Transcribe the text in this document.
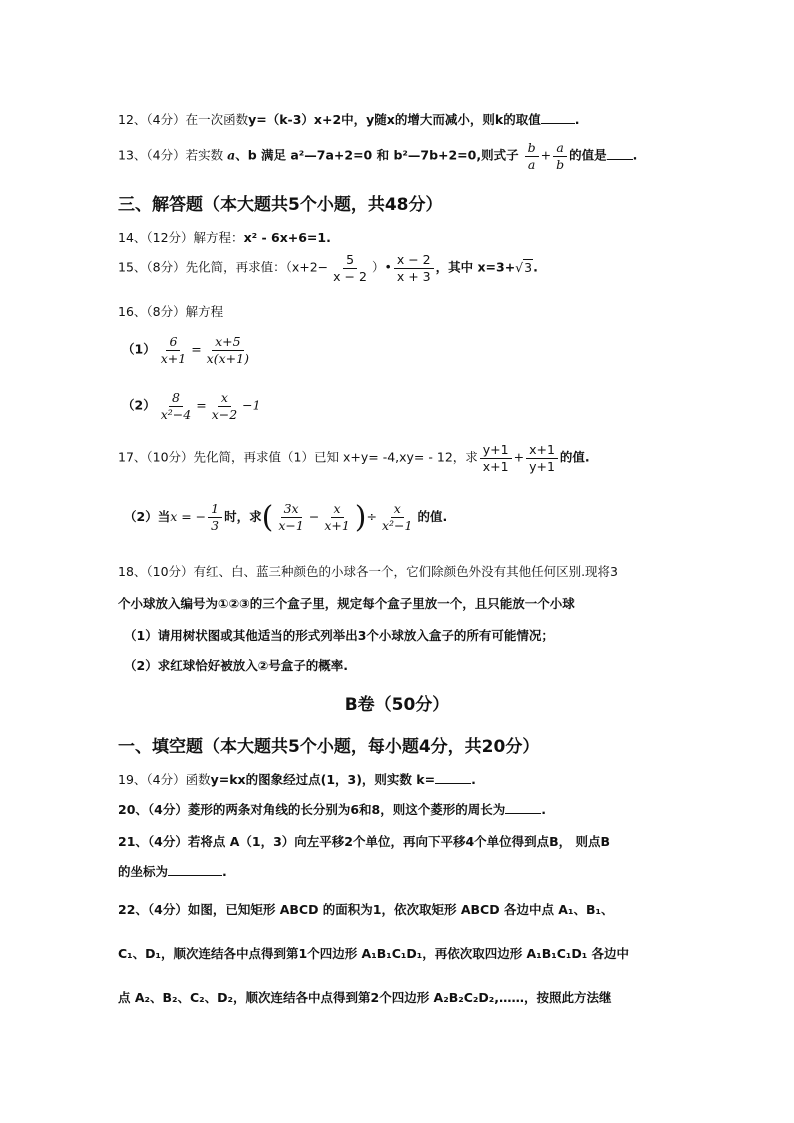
12、（4分）在一次函数y=（k-3）x+2中，y随x的增大而减小，则k的取值	.
13、（4分）若实数 a、b 满足 a²—7a+2=0 和 b²—7b+2=0,则式子 $\frac{b}{a} + \frac{a}{b}$ 的值是 .
三、解答题（本大题共5个小题，共48分）
14、（12分）解方程：x² - 6x+6=1.
15、（8分）先化简，再求值：（$x+2- \frac{5}{x - 2}$ ）• $\frac{x - 2}{x + 3}$ ，其中 x=3+√3.
16、（8分）解方程
$(1) \frac{6}{x+1} = \frac{x+5}{x(x+1)}$
$(2) \frac{8}{\text{x²−4}} = \frac{x}{x-2} -1$
17、（10分）先化简，再求值（1）已知 x+y= -4,xy= - 12，求 $\frac{y+1}{x+1} + \frac{x+1}{y+1}$ 的值.
（2）当x = − $\frac{1}{3}$ 时，求( $\frac{3x}{x-1} - \frac{x}{x+1}$ )÷ $\frac{x}{\text{x²−1}}$ 的值.
18、（10分）有红、白、蓝三种颜色的小球各一个，它们除颜色外没有其他任何区别.现将3
个小球放入编号为①②③的三个盒子里，规定每个盒子里放一个，且只能放一个小球
（1）请用树状图或其他适当的形式列举出3个小球放入盒子的所有可能情况；
（2）求红球恰好被放入②号盒子的概率.
B卷（50分）
一、填空题（本大题共5个小题，每小题4分，共20分）
19、（4分）函数y=kx的图象经过点(1，3)，则实数 k=	.
20、（4分）菱形的两条对角线的长分别为6和8，则这个菱形的周长为	.
21、（4分）若将点 A（1，3）向左平移2个单位，再向下平移4个单位得到点B， 则点B
的坐标为	.
22、（4分）如图，已知矩形 ABCD 的面积为1，依次取矩形 ABCD 各边中点 A₁、B₁、
C₁、D₁，顺次连结各中点得到第1个四边形 A₁B₁C₁D₁，再依次取四边形 A₁B₁C₁D₁ 各边中
点 A₂、B₂、C₂、D₂，顺次连结各中点得到第2个四边形 A₂B₂C₂D₂,……，按照此方法继
